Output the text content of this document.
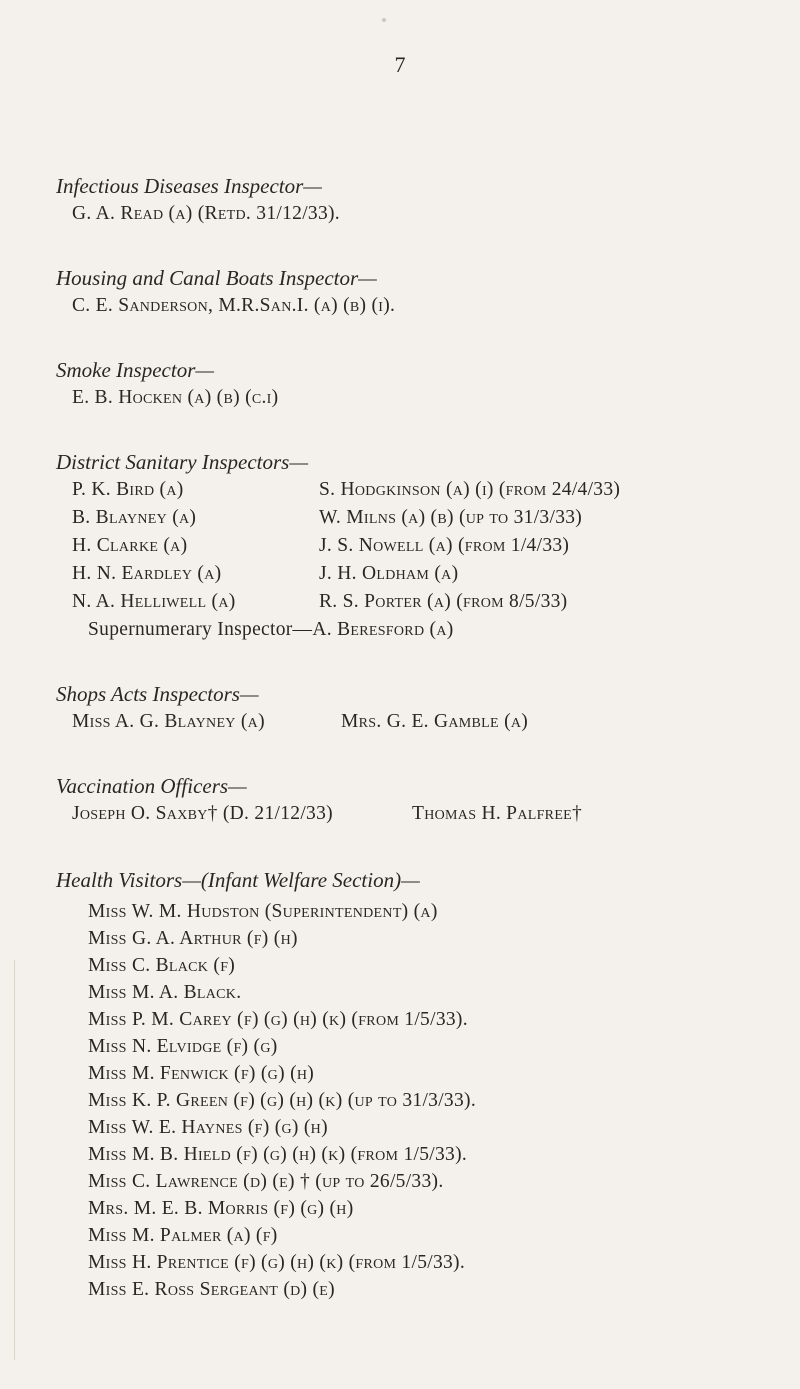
7
Infectious Diseases Inspector—
G. A. Read (a) (Retd. 31/12/33).
Housing and Canal Boats Inspector—
C. E. Sanderson, M.R.San.I. (a) (b) (i).
Smoke Inspector—
E. B. Hocken (a) (b) (c.i)
District Sanitary Inspectors—
P. K. Bird (a)
B. Blayney (a)
H. Clarke (a)
H. N. Eardley (a)
N. A. Helliwell (a)
S. Hodgkinson (a) (i) (from 24/4/33)
W. Milns (a) (b) (up to 31/3/33)
J. S. Nowell (a) (from 1/4/33)
J. H. Oldham (a)
R. S. Porter (a) (from 8/5/33)
Supernumerary Inspector—A. Beresford (a)
Shops Acts Inspectors—
Miss A. G. Blayney (a)	Mrs. G. E. Gamble (a)
Vaccination Officers—
Joseph O. Saxby† (D. 21/12/33)	Thomas H. Palfree†
Health Visitors—(Infant Welfare Section)—
Miss W. M. Hudston (Superintendent) (a)
Miss G. A. Arthur (f) (h)
Miss C. Black (f)
Miss M. A. Black.
Miss P. M. Carey (f) (g) (h) (k) (from 1/5/33).
Miss N. Elvidge (f) (g)
Miss M. Fenwick (f) (g) (h)
Miss K. P. Green (f) (g) (h) (k) (up to 31/3/33).
Miss W. E. Haynes (f) (g) (h)
Miss M. B. Hield (f) (g) (h) (k) (from 1/5/33).
Miss C. Lawrence (d) (e) † (up to 26/5/33).
Mrs. M. E. B. Morris (f) (g) (h)
Miss M. Palmer (a) (f)
Miss H. Prentice (f) (g) (h) (k) (from 1/5/33).
Miss E. Ross Sergeant (d) (e)
